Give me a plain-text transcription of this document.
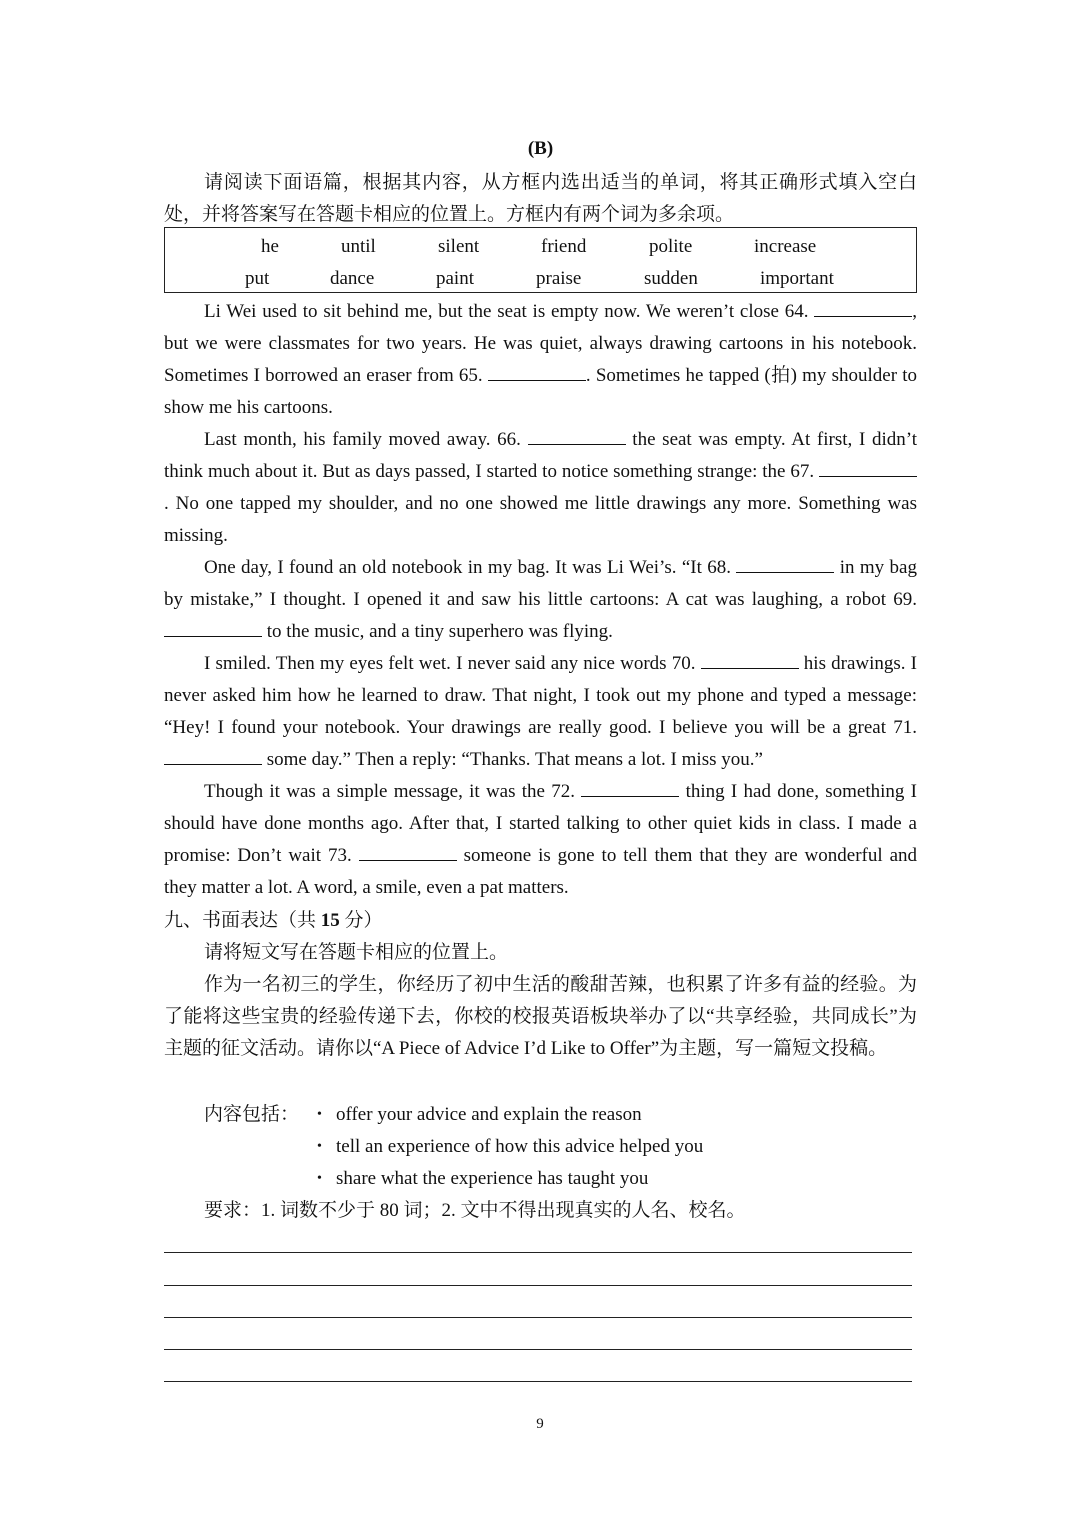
(B)

请阅读下面语篇，根据其内容，从方框内选出适当的单词，将其正确形式填入空白处，并将答案写在答题卡相应的位置上。方框内有两个词为多余项。

he	until	silent	friend	polite	increase
put	dance	paint	praise	sudden	important

Li Wei used to sit behind me, but the seat is empty now. We weren’t close 64.	, but we were classmates for two years. He was quiet, always drawing cartoons in his notebook. Sometimes I borrowed an eraser from 65.	. Sometimes he tapped (拍) my shoulder to show me his cartoons.

Last month, his family moved away. 66.	the seat was empty. At first, I didn’t think much about it. But as days passed, I started to notice something strange: the 67. . No one tapped my shoulder, and no one showed me little drawings any more. Something was missing.

One day, I found an old notebook in my bag. It was Li Wei’s. “It 68.	in my bag by mistake,” I thought. I opened it and saw his little cartoons: A cat was laughing, a robot 69.  to the music, and a tiny superhero was flying.

I smiled. Then my eyes felt wet. I never said any nice words 70.	his drawings. I never asked him how he learned to draw. That night, I took out my phone and typed a message: “Hey! I found your notebook. Your drawings are really good. I believe you will be a great 71.  some day.” Then a reply: “Thanks. That means a lot. I miss you.”

Though it was a simple message, it was the 72.	thing I had done, something I should have done months ago. After that, I started talking to other quiet kids in class. I made a promise: Don’t wait 73.	someone is gone to tell them that they are wonderful and they matter a lot. A word, a smile, even a pat matters.

九、书面表达（共 15 分）

请将短文写在答题卡相应的位置上。

作为一名初三的学生，你经历了初中生活的酸甜苦辣，也积累了许多有益的经验。为了能将这些宝贵的经验传递下去，你校的校报英语板块举办了以“共享经验，共同成长”为主题的征文活动。请你以“A Piece of Advice I’d Like to Offer”为主题，写一篇短文投稿。

内容包括： • offer your advice and explain the reason
• tell an experience of how this advice helped you
• share what the experience has taught you
要求：1. 词数不少于 80 词；2. 文中不得出现真实的人名、校名。
9
